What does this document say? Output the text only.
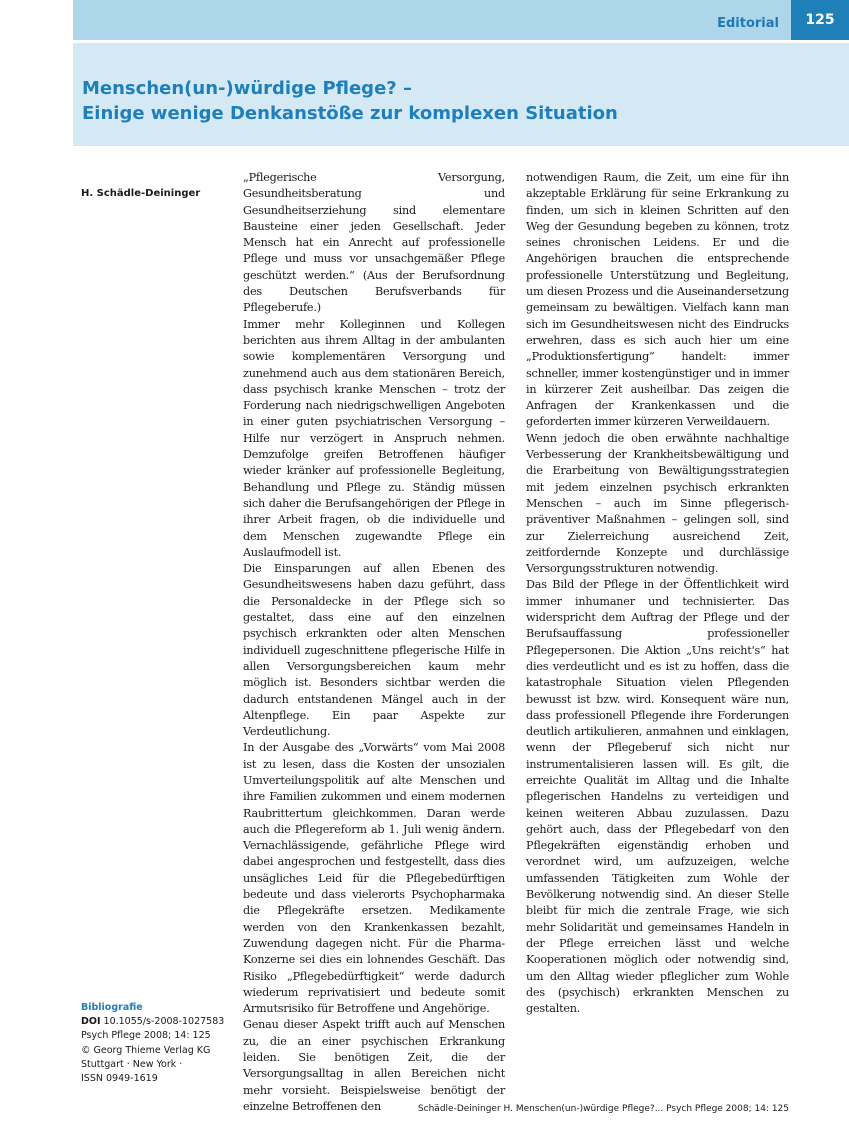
Editorial	125
Menschen(un-)würdige Pflege? –
Einige wenige Denkanstöße zur komplexen Situation
H. Schädle-Deininger

„Pflegerische Versorgung, Gesundheitsberatung und Gesundheitserziehung sind elementare Bausteine einer jeden Gesellschaft. Jeder Mensch hat ein Anrecht auf professionelle Pflege und muss vor unsachgemäßer Pflege geschützt werden.“ (Aus der Berufsordnung des Deutschen Berufsverbands für Pflegeberufe.)

Immer mehr Kolleginnen und Kollegen berichten aus ihrem Alltag in der ambulanten sowie komplementären Versorgung und zunehmend auch aus dem stationären Bereich, dass psychisch kranke Menschen – trotz der Forderung nach niedrigschwelligen Angeboten in einer guten psychiatrischen Versorgung – Hilfe nur verzögert in Anspruch nehmen. Demzufolge greifen Betroffenen häufiger wieder kränker auf professionelle Begleitung, Behandlung und Pflege zu. Ständig müssen sich daher die Berufsangehörigen der Pflege in ihrer Arbeit fragen, ob die individuelle und dem Menschen zugewandte Pflege ein Auslaufmodell ist.

Die Einsparungen auf allen Ebenen des Gesundheitswesens haben dazu geführt, dass die Personaldecke in der Pflege sich so gestaltet, dass eine auf den einzelnen psychisch erkrankten oder alten Menschen individuell zugeschnittene pflegerische Hilfe in allen Versorgungsbereichen kaum mehr möglich ist. Besonders sichtbar werden die dadurch entstandenen Mängel auch in der Altenpflege. Ein paar Aspekte zur Verdeutlichung.

In der Ausgabe des „Vorwärts“ vom Mai 2008 ist zu lesen, dass die Kosten der unsozialen Umverteilungspolitik auf alte Menschen und ihre Familien zukommen und einem modernen Raubrittertum gleichkommen. Daran werde auch die Pflegereform ab 1. Juli wenig ändern. Vernachlässigende, gefährliche Pflege wird dabei angesprochen und festgestellt, dass dies unsägliches Leid für die Pflegebedürftigen bedeute und dass vielerorts Psychopharmaka die Pflegekräfte ersetzen. Medikamente werden von den Krankenkassen bezahlt, Zuwendung dagegen nicht. Für die Pharma-Konzerne sei dies ein lohnendes Geschäft. Das Risiko „Pflegebedürftigkeit“ werde dadurch wiederum reprivatisiert und bedeute somit Armutsrisiko für Betroffene und Angehörige.

Genau dieser Aspekt trifft auch auf Menschen zu, die an einer psychischen Erkrankung leiden. Sie benötigen Zeit, die der Versorgungsalltag in allen Bereichen nicht mehr vorsieht. Beispielsweise benötigt der einzelne Betroffenen den

notwendigen Raum, die Zeit, um eine für ihn akzeptable Erklärung für seine Erkrankung zu finden, um sich in kleinen Schritten auf den Weg der Gesundung begeben zu können, trotz seines chronischen Leidens. Er und die Angehörigen brauchen die entsprechende professionelle Unterstützung und Begleitung, um diesen Prozess und die Auseinandersetzung gemeinsam zu bewältigen. Vielfach kann man sich im Gesundheitswesen nicht des Eindrucks erwehren, dass es sich auch hier um eine „Produktionsfertigung“ handelt: immer schneller, immer kostengünstiger und in immer in kürzerer Zeit ausheilbar. Das zeigen die Anfragen der Krankenkassen und die geforderten immer kürzeren Verweildauern.

Wenn jedoch die oben erwähnte nachhaltige Verbesserung der Krankheitsbewältigung und die Erarbeitung von Bewältigungsstrategien mit jedem einzelnen psychisch erkrankten Menschen – auch im Sinne pflegerisch-präventiver Maßnahmen – gelingen soll, sind zur Zielerreichung ausreichend Zeit, zeitfordernde Konzepte und durchlässige Versorgungsstrukturen notwendig.

Das Bild der Pflege in der Öffentlichkeit wird immer inhumaner und technisierter. Das widerspricht dem Auftrag der Pflege und der Berufsauffassung professioneller Pflegepersonen. Die Aktion „Uns reicht's“ hat dies verdeutlicht und es ist zu hoffen, dass die katastrophale Situation vielen Pflegenden bewusst ist bzw. wird. Konsequent wäre nun, dass professionell Pflegende ihre Forderungen deutlich artikulieren, anmahnen und einklagen, wenn der Pflegeberuf sich nicht nur instrumentalisieren lassen will. Es gilt, die erreichte Qualität im Alltag und die Inhalte pflegerischen Handelns zu verteidigen und keinen weiteren Abbau zuzulassen. Dazu gehört auch, dass der Pflegebedarf von den Pflegekräften eigenständig erhoben und verordnet wird, um aufzuzeigen, welche umfassenden Tätigkeiten zum Wohle der Bevölkerung notwendig sind. An dieser Stelle bleibt für mich die zentrale Frage, wie sich mehr Solidarität und gemeinsames Handeln in der Pflege erreichen lässt und welche Kooperationen möglich oder notwendig sind, um den Alltag wieder pfleglicher zum Wohle des (psychisch) erkrankten Menschen zu gestalten.

Bibliografie
DOI 10.1055/s-2008-1027583
Psych Pflege 2008; 14: 125
© Georg Thieme Verlag KG
Stuttgart · New York ·
ISSN 0949-1619
Schädle-Deininger H. Menschen(un-)würdige Pflege?... Psych Pflege 2008; 14: 125
